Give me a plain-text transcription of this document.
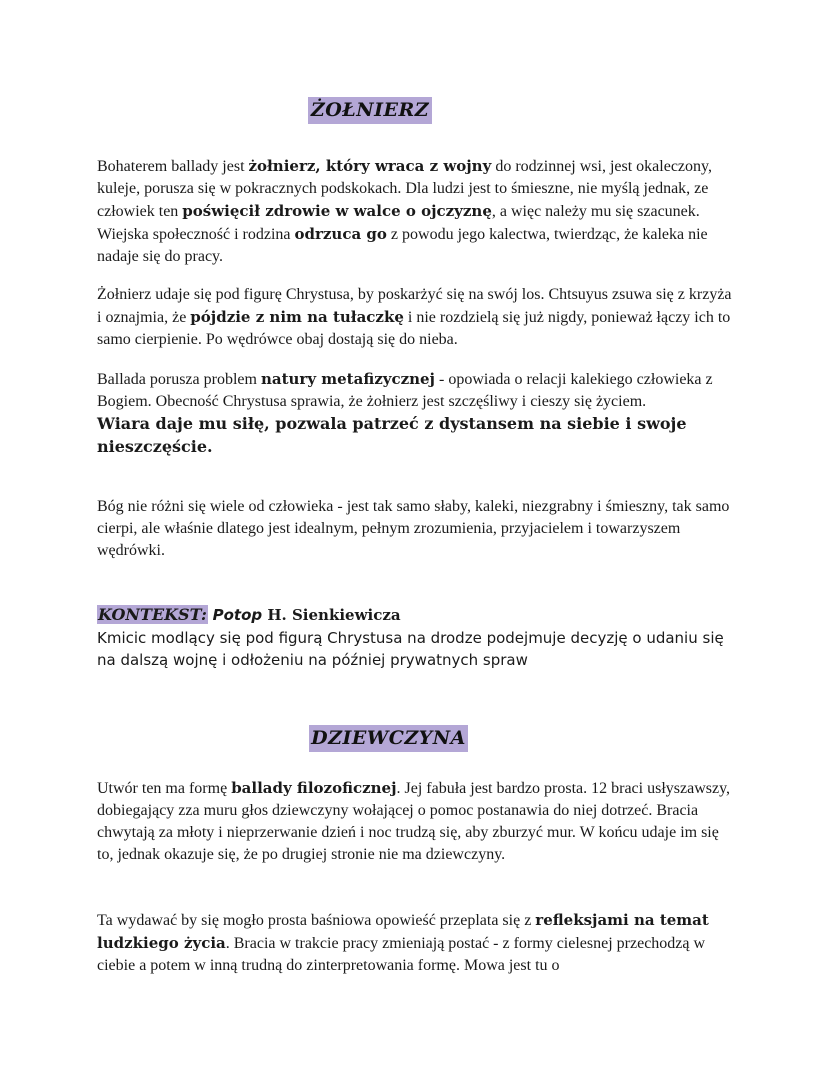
ŻOŁNIERZ

Bohaterem ballady jest żołnierz, który wraca z wojny do rodzinnej wsi, jest okaleczony, kuleje, porusza się w pokracznych podskokach. Dla ludzi jest to śmieszne, nie myślą jednak, ze człowiek ten poświęcił zdrowie w walce o ojczyznę, a więc należy mu się szacunek. Wiejska społeczność i rodzina odrzuca go z powodu jego kalectwa, twierdząc, że kaleka nie nadaje się do pracy.

Żołnierz udaje się pod figurę Chrystusa, by poskarżyć się na swój los. Chtsuyus zsuwa się z krzyża i oznajmia, że pójdzie z nim na tułaczkę i nie rozdzielą się już nigdy, ponieważ łączy ich to samo cierpienie. Po wędrówce obaj dostają się do nieba.

Ballada porusza problem natury metafizycznej - opowiada o relacji kalekiego człowieka z Bogiem. Obecność Chrystusa sprawia, że żołnierz jest szczęśliwy i cieszy się życiem.
Wiara daje mu siłę, pozwala patrzeć z dystansem na siebie i swoje nieszczęście.

Bóg nie różni się wiele od człowieka - jest tak samo słaby, kaleki, niezgrabny i śmieszny, tak samo cierpi, ale właśnie dlatego jest idealnym, pełnym zrozumienia, przyjacielem i towarzyszem wędrówki.

KONTEKST: Potop H. Sienkiewicza

Kmicic modlący się pod figurą Chrystusa na drodze podejmuje decyzję o udaniu się na dalszą wojnę i odłożeniu na później prywatnych spraw

DZIEWCZYNA

Utwór ten ma formę ballady filozoficznej. Jej fabuła jest bardzo prosta. 12 braci usłyszawszy, dobiegający zza muru głos dziewczyny wołającej o pomoc postanawia do niej dotrzeć. Bracia chwytają za młoty i nieprzerwanie dzień i noc trudzą się, aby zburzyć mur. W końcu udaje im się to, jednak okazuje się, że po drugiej stronie nie ma dziewczyny.

Ta wydawać by się mogło prosta baśniowa opowieść przeplata się z refleksjami na temat ludzkiego życia. Bracia w trakcie pracy zmieniają postać - z formy cielesnej przechodzą w ciebie a potem w inną trudną do zinterpretowania formę. Mowa jest tu o
